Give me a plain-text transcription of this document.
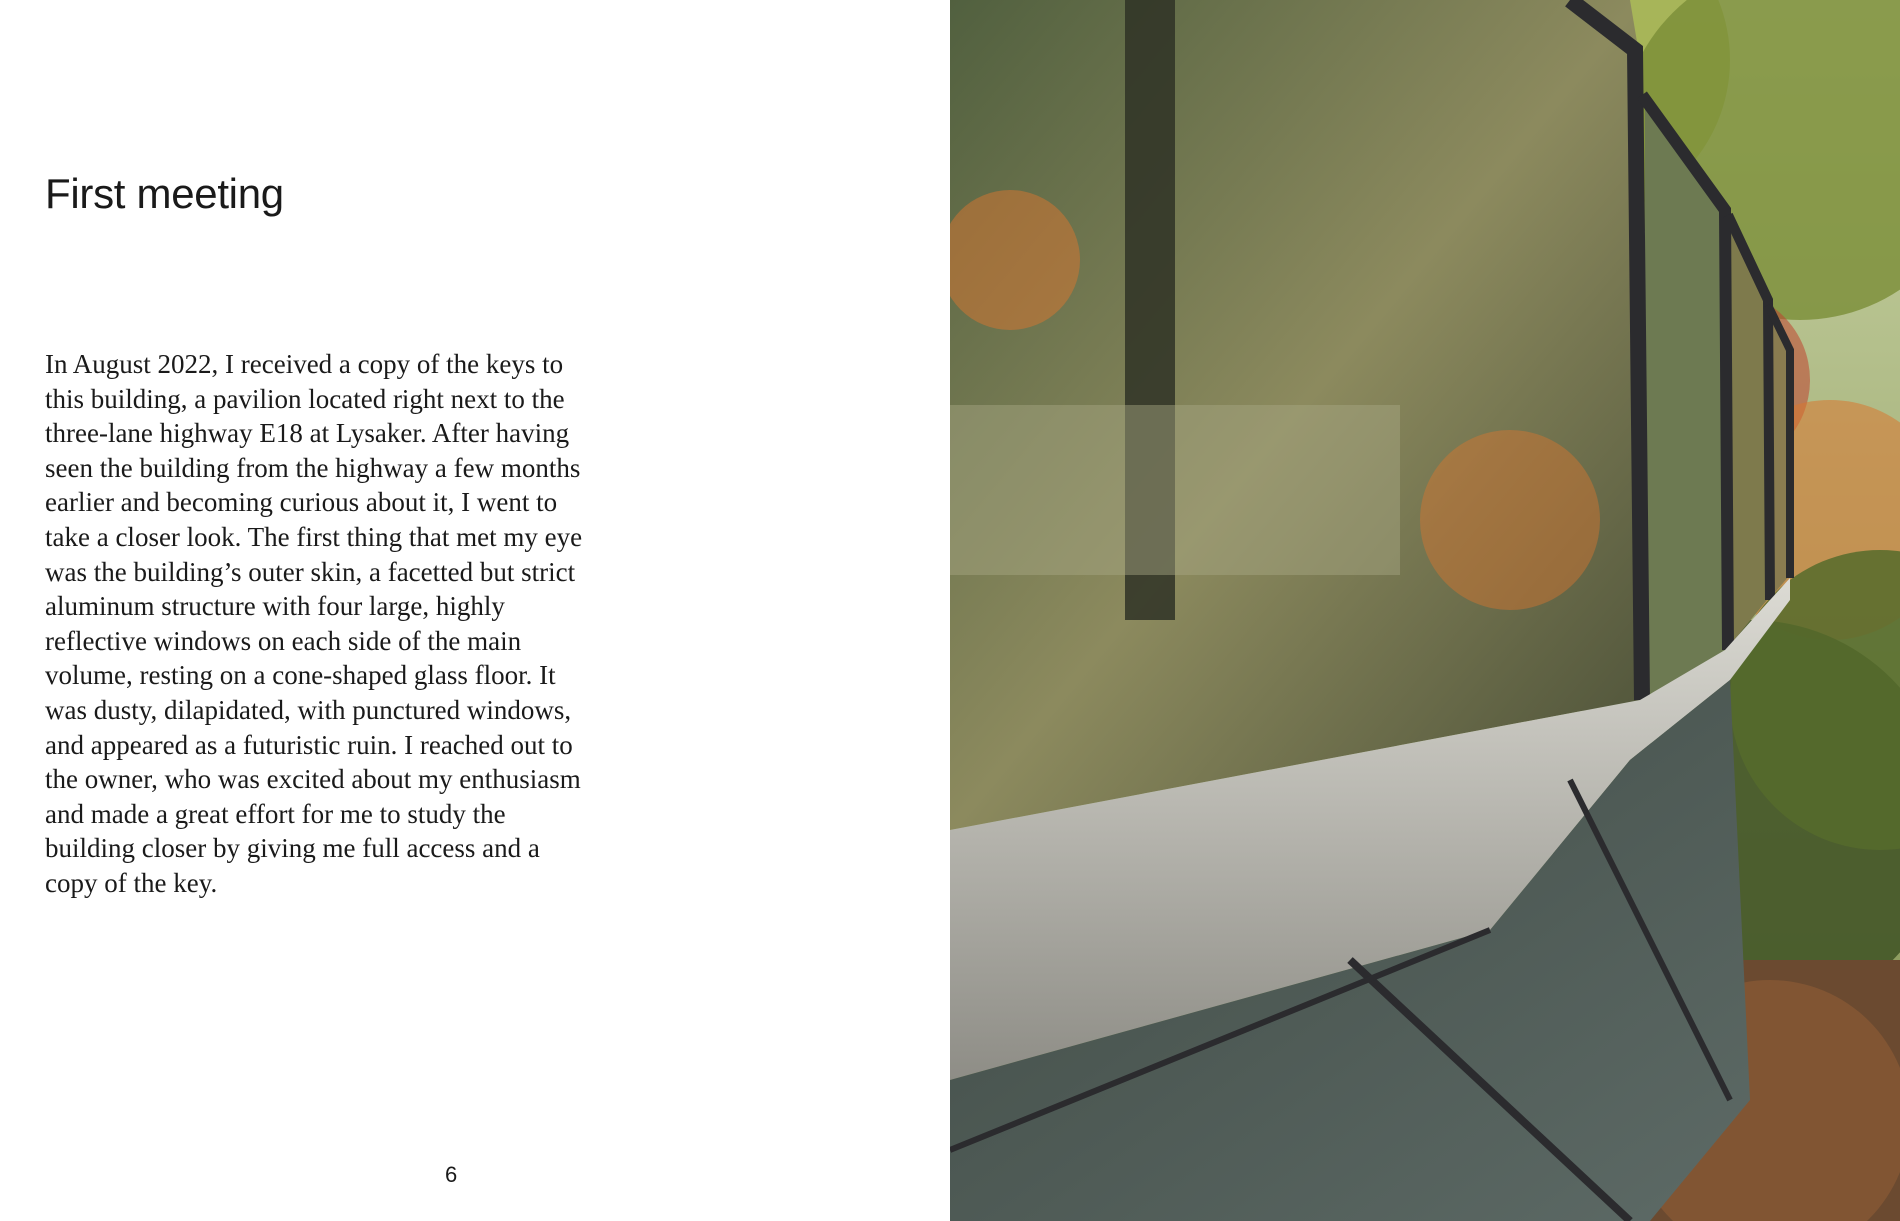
First meeting

In August 2022, I received a copy of the keys to this building, a pavilion located right next to the three-lane highway E18 at Lysaker. After having seen the building from the highway a few months earlier and becoming curious about it, I went to take a closer look. The first thing that met my eye was the building’s outer skin, a facetted but strict aluminum structure with four large, highly reflective windows on each side of the main volume, resting on a cone-shaped glass floor. It was dusty, dilapidated, with punctured windows, and appeared as a futuristic ruin. I reached out to the owner, who was excited about my enthusiasm and made a great effort for me to study the building closer by giving me full access and a copy of the key.

6
